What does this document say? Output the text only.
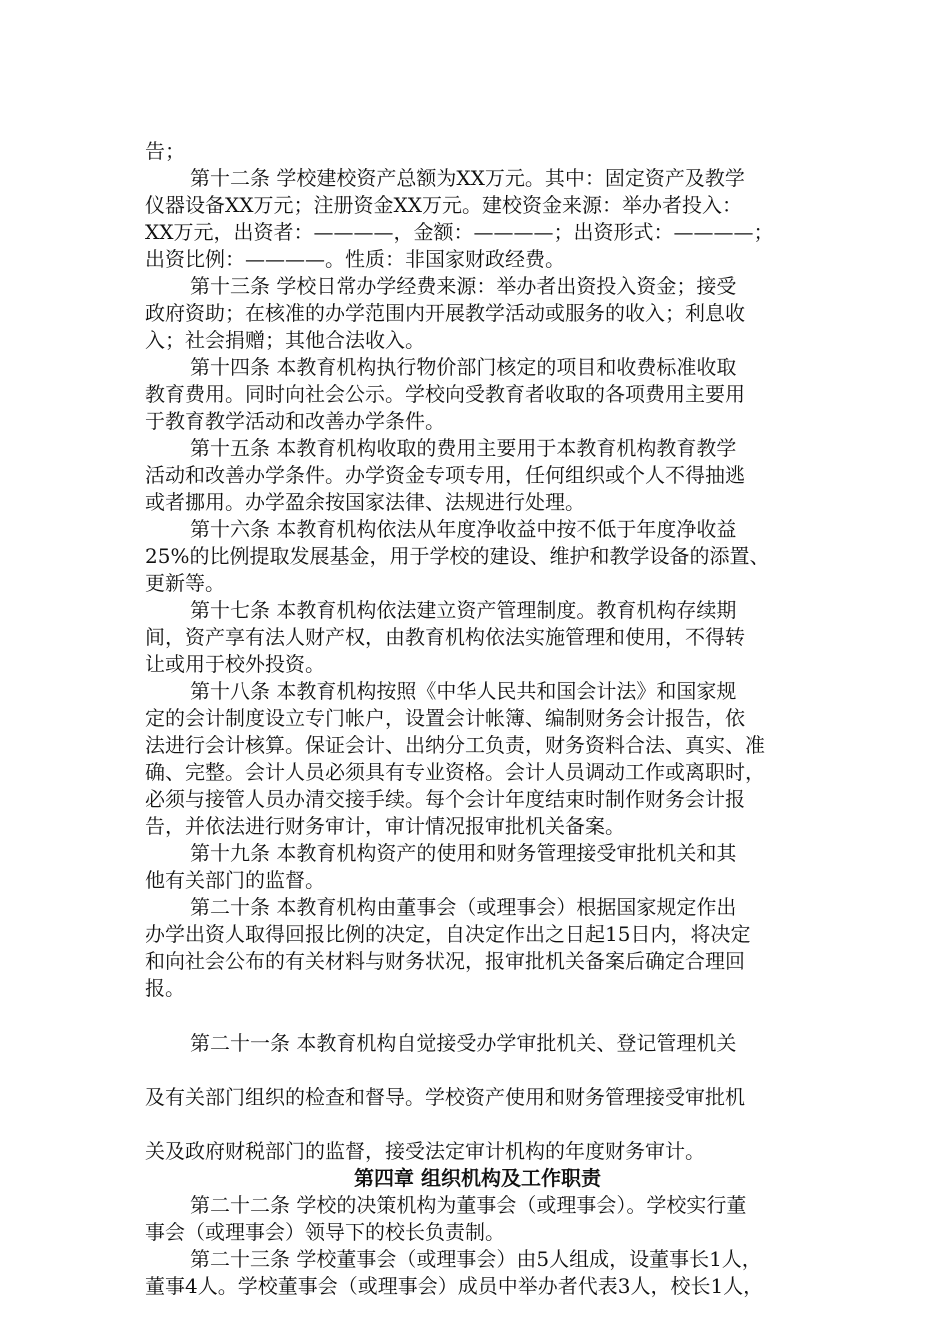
告；
第十二条 学校建校资产总额为XX万元。其中：固定资产及教学
仪器设备XX万元；注册资金XX万元。建校资金来源：举办者投入：
XX万元，出资者：————，金额：————；出资形式：————；
出资比例：————。性质：非国家财政经费。
第十三条 学校日常办学经费来源：举办者出资投入资金；接受
政府资助；在核准的办学范围内开展教学活动或服务的收入；利息收
入；社会捐赠；其他合法收入。
第十四条 本教育机构执行物价部门核定的项目和收费标准收取
教育费用。同时向社会公示。学校向受教育者收取的各项费用主要用
于教育教学活动和改善办学条件。
第十五条 本教育机构收取的费用主要用于本教育机构教育教学
活动和改善办学条件。办学资金专项专用，任何组织或个人不得抽逃
或者挪用。办学盈余按国家法律、法规进行处理。
第十六条 本教育机构依法从年度净收益中按不低于年度净收益
25%的比例提取发展基金，用于学校的建设、维护和教学设备的添置、
更新等。
第十七条 本教育机构依法建立资产管理制度。教育机构存续期
间，资产享有法人财产权，由教育机构依法实施管理和使用，不得转
让或用于校外投资。
第十八条 本教育机构按照《中华人民共和国会计法》和国家规
定的会计制度设立专门帐户，设置会计帐簿、编制财务会计报告，依
法进行会计核算。保证会计、出纳分工负责，财务资料合法、真实、准
确、完整。会计人员必须具有专业资格。会计人员调动工作或离职时，
必须与接管人员办清交接手续。每个会计年度结束时制作财务会计报
告，并依法进行财务审计，审计情况报审批机关备案。
第十九条 本教育机构资产的使用和财务管理接受审批机关和其
他有关部门的监督。
第二十条 本教育机构由董事会（或理事会）根据国家规定作出
办学出资人取得回报比例的决定，自决定作出之日起15日内，将决定
和向社会公布的有关材料与财务状况，报审批机关备案后确定合理回
报。
第二十一条 本教育机构自觉接受办学审批机关、登记管理机关
及有关部门组织的检查和督导。学校资产使用和财务管理接受审批机
关及政府财税部门的监督，接受法定审计机构的年度财务审计。
第四章 组织机构及工作职责
第二十二条 学校的决策机构为董事会（或理事会）。学校实行董
事会（或理事会）领导下的校长负责制。
第二十三条 学校董事会（或理事会）由5人组成，设董事长1人，
董事4人。学校董事会（或理事会）成员中举办者代表3人，校长1人，
